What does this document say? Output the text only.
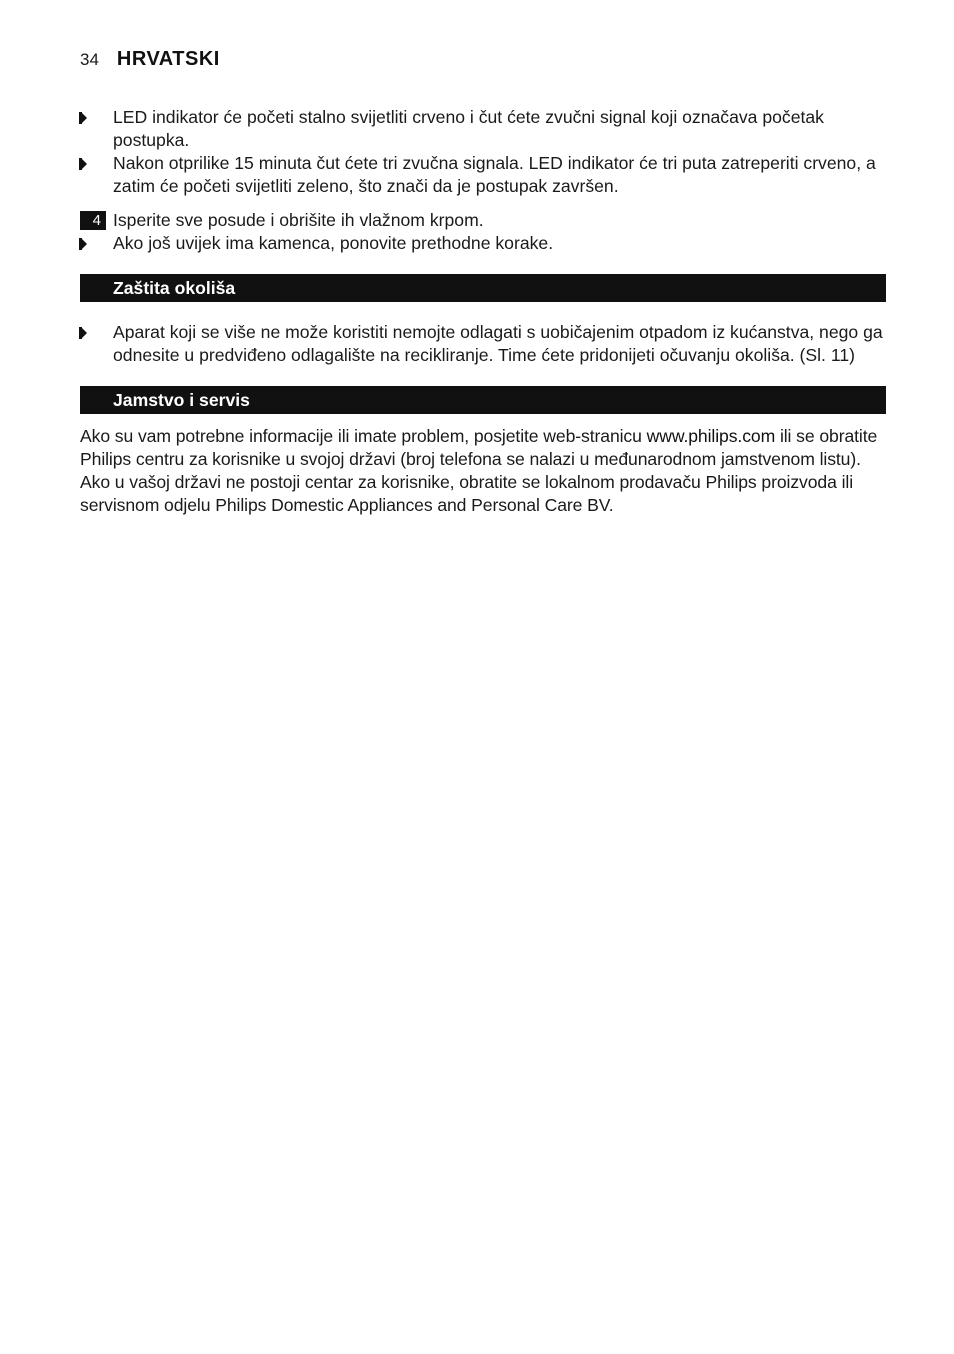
34 HRVATSKI
LED indikator će početi stalno svijetliti crveno i čut ćete zvučni signal koji označava početak postupka.
Nakon otprilike 15 minuta čut ćete tri zvučna signala. LED indikator će tri puta zatreperiti crveno, a zatim će početi svijetliti zeleno, što znači da je postupak završen.
4 Isperite sve posude i obrišite ih vlažnom krpom.
Ako još uvijek ima kamenca, ponovite prethodne korake.
Zaštita okoliša
Aparat koji se više ne može koristiti nemojte odlagati s uobičajenim otpadom iz kućanstva, nego ga odnesite u predviđeno odlagalište na recikliranje. Time ćete pridonijeti očuvanju okoliša. (Sl. 11)
Jamstvo i servis
Ako su vam potrebne informacije ili imate problem, posjetite web-stranicu www.philips.com ili se obratite Philips centru za korisnike u svojoj državi (broj telefona se nalazi u međunarodnom jamstvenom listu). Ako u vašoj državi ne postoji centar za korisnike, obratite se lokalnom prodavaču Philips proizvoda ili servisnom odjelu Philips Domestic Appliances and Personal Care BV.
